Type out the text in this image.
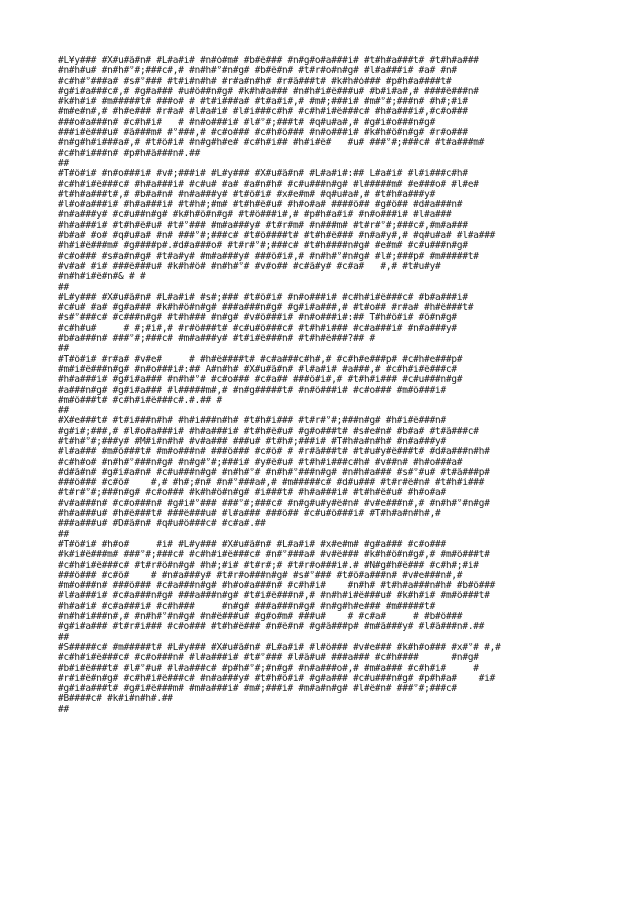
#L¥y### #X#u#ã#n# #L#a#i# #n#ó#m# #b#ê### #n#g#o#a###i# #t#h#a###t# #t#h#a###
#n#h#u# #n#h#°#;###c#,# #n#h#°#n#g# #b#ê#n# #t#r#o#n#g# #l#a###i# #a# #n#
#c#h#°###a# #s#°### #t#i#n#h# #r#a#n#h# #r#ã###t# #k#h#ó### #p#h#a####t#
#g#i#a###c#,# #g#a### #u#ô##n#g# #k#h#a### #n#h#i#ê###u# #b#i#a#,# ####ê###n#
#k#h#i# #m#####t# ###o# # #t#i###a# #t#a#i#,# #m#;###i# #m#°#;###n# #h#;#i#
#m#e#n#,# #h#e### #r#a# #l#a#i# #l#i###c#h# #c#h#i#ê###c# #h#a###i#,#c#o###
###o#a###n# #c#h#i#   # #n#o###i# #l#°#;###t# #q#u#a#,# #g#i#o###n#g#
###i#ê###u# #ã###m# #°###,# #c#o### #c#h#ô### #n#o###i# #k#h#ô#n#g# #r#o###
#n#g#h#i###a#,# #t#ô#i# #n#g#h#e# #c#h#i## #h#i#ê#   #u# ###°#;###c# #t#a###m#
#c#h#i###n# #p#h#ã###n#.##
##
#T#ô#i# #n#o###i# #v#;###i# #L#y### #X#u#ã#n# #L#a#i#:## L#a#i# #l#i###c#h#
#c#h#i#ê###c# #h#a###i# #c#u# #a# #a#n#h# #c#u###n#g# #l#####m# #e###o# #l#e#
#t#h#a###t#,# #b#a#n# #n#a###y# #t#ô#i# #x#e#m# #q#u#a#,# #t#h#a###y#
#l#o#a###i# #h#a###i# #t#h#;#m# #t#h#ê#u# #h#o#a# ####ô## #g#ô## #d#a###n#
#n#a###y# #c#u##n#g# #k#h#ô#n#g# #t#ô###i#,# #p#h#a#i# #n#o###i# #l#a###
#h#a###i# #t#h#ê#u# #t#°### #m#a###y# #t#r#m# #n###m# #t#r#°#;###c#,#m#a###
#b#a# #o# #q#u#a# #n# ###°#;###c# #t#ô####t# #t#h#ê### #n#a#y#,# #q#u#a# #l#a###
#h#i#ê###m# #g####p#.#d#a###o# #t#r#°#;###c# #t#h####n#g# #e#m# #c#u###n#g#
#c#o### #s#a#n#g# #t#a#y# #m#a###y# ###ô#i#,# #n#h#°#n#g# #l#;###p# #m#####t#
#v#a# #i# ###ê###u# #k#h#ô# #n#h#°# #v#o## #c#ã#y# #c#a#   #,# #t#u#y#
#n#h#i#ê#n#& # #
##
#L#y### #X#u#ã#n# #L#a#i# #s#;### #t#ô#i# #n#o###i# #c#h#i#ê###c# #b#a###i#
#c#u# #a# #g#a### #k#h#ô#n#g# ###a###n#g# #g#i#a###,# #t#o## #r#a# #h#ê###t#
#s#°###c# #c###n#g# #t#h### #n#g# #v#ô###i# #n#o###i#:## T#h#ô#i# #ô#n#g#
#c#h#u#     # #;#i#,# #r#ô###t# #c#u#ô###c# #t#h#i### #c#a###i# #n#a###y#
#b#a###n# ###°#;###c# #m#a###y# #t#i#ê###n# #t#h#ê###?## #
##
#T#ô#i# #r#a# #v#e#     # #h#ê####t# #c#a###c#h#,# #c#h#e###p# #c#h#e###p#
#m#i#ê###n#g# #n#o###i#:## A#n#h# #X#u#ã#n# #l#a#i# #a###,# #c#h#i#ê###c#
#h#a###i# #g#i#a### #n#h#°# #c#o### #c#a## ###ô#i#,# #t#h#i### #c#u###n#g#
#a###n#g# #g#i#a### #l#####m#,# #n#g#####t# #n#ô###i# #c#o### #m#ô###i#
#m#ô###t# #c#h#i#ê###c#.#.## #
##
#X#e###t# #t#i###n#h# #h#i###n#h# #t#h#i### #t#r#°#;###n#g# #h#i#ê###n#
#g#i#;###,# #l#o#a###i# #h#a###i# #t#h#ê#u# #g#o###t# #s#e#n# #b#a# #t#ã###c#
#t#h#°#;###y# #M#i#n#h# #v#a### ###u# #t#h#;###i# #T#h#a#n#h# #n#a###y#
#l#a### #m#ô###t# #m#o###n# ###ô### #c#ô# # #r#ã###t# #t#u#y#ê###t# #d#a###n#h#
#c#h#o# #n#h#°###n#g# #n#g#°#;###i# #y#ê#u# #t#h#i###c#h# #v##n# #h#o###a#
#d#ã#n# #g#i#a#n# #c#u###n#g# #n#h#°# #n#h#°###n#g# #n#h#a### #s#°#u# #t#ã###p#
###ô### #c#ô#    #,# #h#;#n# #n#°###a#,# #m#####c# #d#u### #t#r#ê#n# #t#h#i###
#t#r#°#;###n#g# #c#o### #k#h#ô#n#g# #i###t# #h#a###i# #t#h#ê#u# #h#o#a#
#v#a###n# #c#o###n# #g#i#°### ###°#;###c# #n#g#u#y#ê#n# #v#e###n#,# #n#h#°#n#g#
#h#a###u# #h#ê###t# ###ê###u# #l#a### ###ô## #c#u#ô###i# #T#h#a#n#h#,#
###a###u# #D#ã#n# #q#u#ô###c# #c#a#.##
##
#T#ô#i# #h#o#     #i# #L#y### #X#u#ã#n# #L#a#i# #x#e#m# #g#a### #c#o###
#k#i#ê###m# ###°#;###c# #c#h#i#ê###c# #n#°###a# #v#ê### #k#h#ô#n#g#,# #m#ô###t#
#c#h#i#ê###c# #t#r#ô#n#g# #h#;#i# #t#r#;# #t#r#o###i#.# #N#g#h#ê### #c#h#;#i#
###ô### #c#ô#    # #n#a###y# #t#r#o###n#g# #s#°### #t#ô#a###n# #v#e###n#,#
#m#o###n# ###ô### #c#a###n#g# #h#o#a###n# #c#h#i#    #n#h# #t#h#a###n#h# #b#ô###
#l#a###i# #c#a###n#g# ###a###n#g# #t#i#ê###n#,# #n#h#i#ê###u# #k#h#i# #m#ô###t#
#h#a#i# #c#a###i# #c#h###     #n#g# ###a###n#g# #n#g#h#e### #m#####t#
#n#h#i###n#,# #n#h#°#n#g# #n#ê###u# #g#o#m# ###u#    # #c#a#     # #b#ô###
#g#i#a### #t#r#i### #c#o### #t#h#ê### #n#ê#n# #g#ã###p# #m#ã###y# #l#ã###n#.##
##
#S#####c# #m#####t# #L#y### #X#u#ã#n# #L#a#i# #l#ô### #v#e### #k#h#o### #x#°# #,#
#c#h#i#ê###c# #c#o###n# #l#a###i# #t#°### #l#ã#u# ###a### #c#h####      #n#g#
#b#i#ê###t# #l#°#u# #l#a###c# #p#h#°#;#n#g# #n#a###o#,# #m#a### #c#h#i#     #
#r#i#ê#n#g# #c#h#i#ê###c# #n#a###y# #t#h#ô#i# #g#a### #c#u###n#g# #p#h#a#    #i#
#g#i#a###t# #g#i#ê###m# #m#a###i# #m#;###i# #m#a#n#g# #l#ê#n# ###°#;###c#
#B####c# #k#i#n#h#.##
##
